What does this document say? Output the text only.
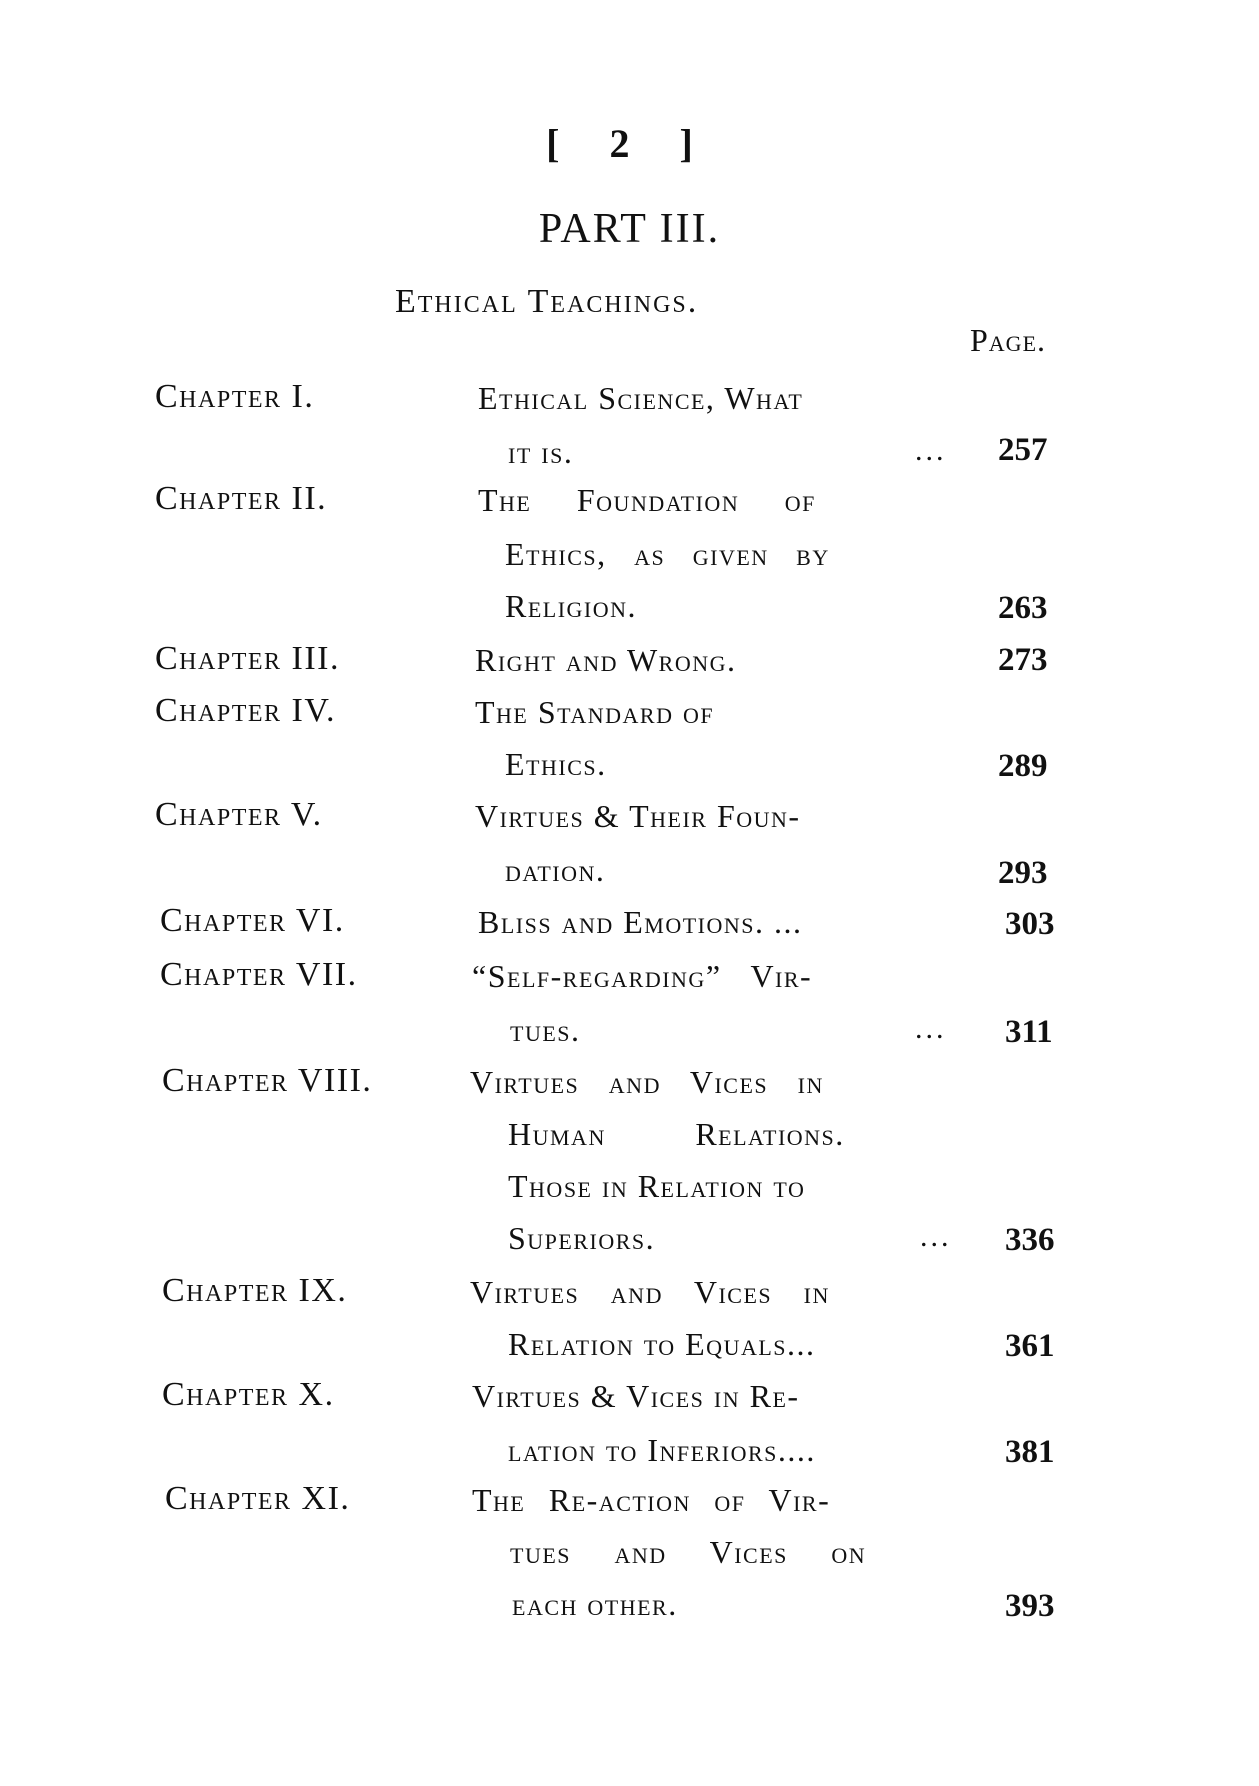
[ 2 ]
PART III.
Ethical Teachings.
Page.
Chapter I.	Ethical Science, What
it is.	... 257
Chapter II.	The Foundation of
Ethics, as given by
Religion.	263
Chapter III.	Right and Wrong.	273
Chapter IV.	The Standard of
Ethics.	289
Chapter V.	Virtues & Their Foun-
dation.	293
Chapter VI.	Bliss and Emotions. ...	303
Chapter VII.	“Self-regarding” Vir-
tues.	... 311
Chapter VIII.	Virtues and Vices in
Human Relations.
Those in Relation to
Superiors.	... 336
Chapter IX.	Virtues and Vices in
Relation to Equals...	361
Chapter X.	Virtues & Vices in Re-
lation to Inferiors....	381
Chapter XI.	The Re-action of Vir-
tues and Vices on
each other.	393
